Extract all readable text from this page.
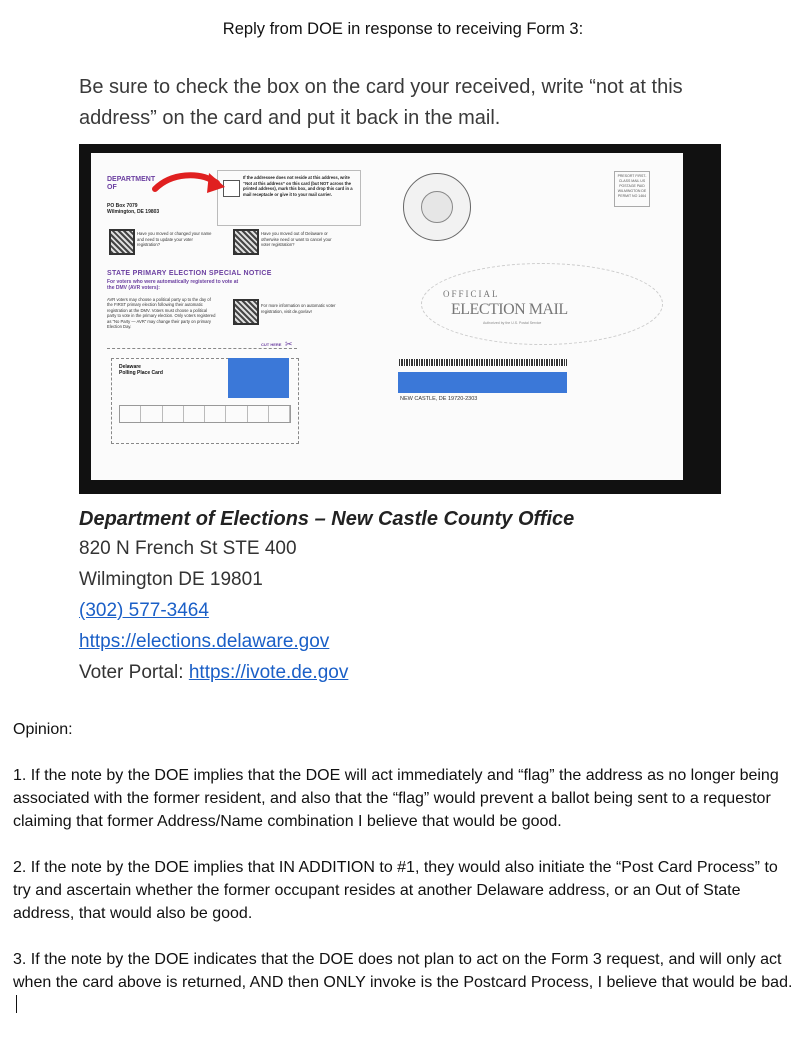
Reply from DOE in response to receiving Form 3:
Be sure to check the box on the card your received, write “not at this address” on the card and put it back in the mail.
DEPARTMENT
OF
PO Box 7079
Wilmington, DE 19803
If the addressee does not reside at this address, write “Not at this address” on this card (but NOT across the printed address), mark this box, and drop this card in a mail receptacle or give it to your mail carrier.
Have you moved or changed your name and need to update your voter registration?
Have you moved out of Delaware or otherwise need or want to cancel your voter registration?
STATE PRIMARY ELECTION SPECIAL NOTICE
For voters who were automatically registered to vote at the DMV (AVR voters):
AVR voters may choose a political party up to the day of the FIRST primary election following their automatic registration at the DMV. Voters must choose a political party to vote in the primary election. Only voters registered as “No Party — AVR” may change their party on primary Election Day.
For more information on automatic voter registration, visit de.gov/avr
CUT HERE ✂
Delaware
Polling Place Card
PRESORT FIRST-CLASS MAIL US POSTAGE PAID WILMINGTON DE PERMIT NO 1464
OFFICIAL
ELECTION MAIL
Authorized by the U.S. Postal Service
NEW CASTLE, DE 19720-2303

Department of Elections – New Castle County Office

820 N French St STE 400

Wilmington DE 19801

(302) 577-3464

https://elections.delaware.gov

Voter Portal: https://ivote.de.gov

Opinion:

1. If the note by the DOE implies that the DOE will act immediately and “flag” the address as no longer being associated with the former resident, and also that the “flag” would prevent a ballot being sent to a requestor claiming that former Address/Name combination I believe that would be good.

2. If the note by the DOE implies that IN ADDITION to #1, they would also initiate the “Post Card Process” to try and ascertain whether the former occupant resides at another Delaware address, or an Out of State address, that would also be good.

3. If the note by the DOE indicates that the DOE does not plan to act on the Form 3 request, and will only act when the card above is returned, AND then ONLY invoke is the Postcard Process, I believe that would be bad.
